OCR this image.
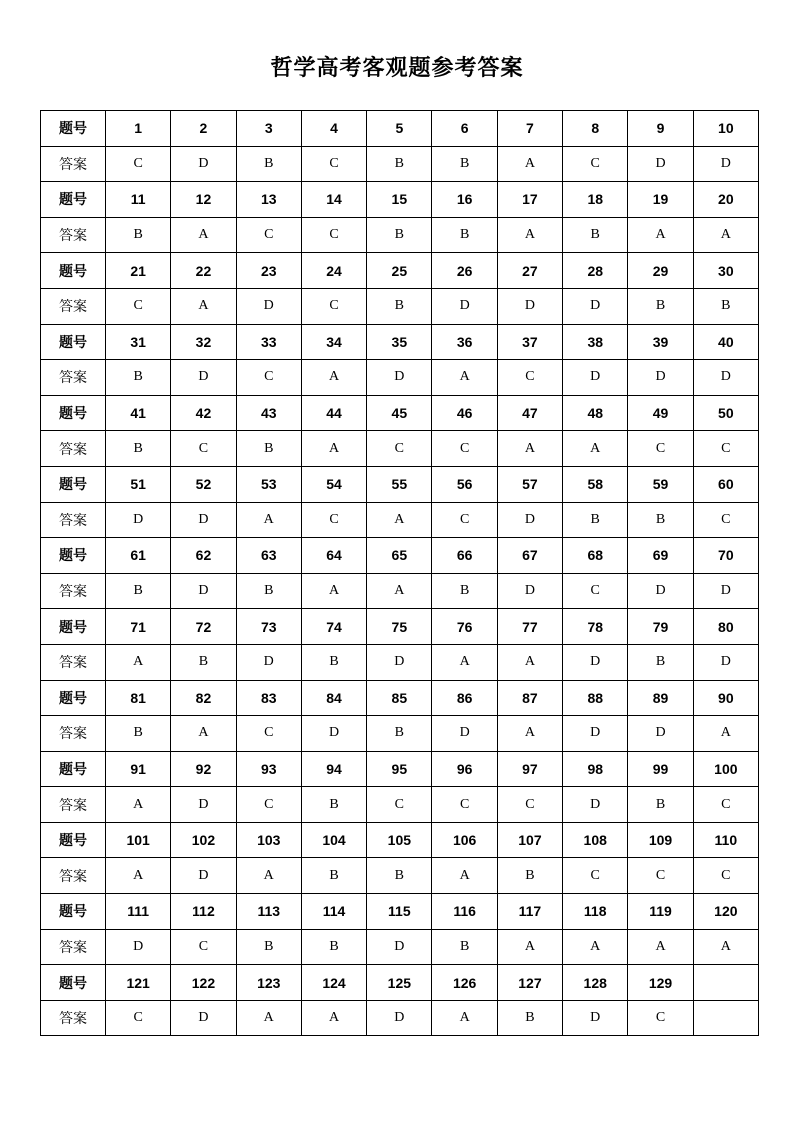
哲学高考客观题参考答案
题号	1	2	3	4	5	6	7	8	9	10
答案	C	D	B	C	B	B	A	C	D	D
题号	11	12	13	14	15	16	17	18	19	20
答案	B	A	C	C	B	B	A	B	A	A
题号	21	22	23	24	25	26	27	28	29	30
答案	C	A	D	C	B	D	D	D	B	B
题号	31	32	33	34	35	36	37	38	39	40
答案	B	D	C	A	D	A	C	D	D	D
题号	41	42	43	44	45	46	47	48	49	50
答案	B	C	B	A	C	C	A	A	C	C
题号	51	52	53	54	55	56	57	58	59	60
答案	D	D	A	C	A	C	D	B	B	C
题号	61	62	63	64	65	66	67	68	69	70
答案	B	D	B	A	A	B	D	C	D	D
题号	71	72	73	74	75	76	77	78	79	80
答案	A	B	D	B	D	A	A	D	B	D
题号	81	82	83	84	85	86	87	88	89	90
答案	B	A	C	D	B	D	A	D	D	A
题号	91	92	93	94	95	96	97	98	99	100
答案	A	D	C	B	C	C	C	D	B	C
题号	101	102	103	104	105	106	107	108	109	110
答案	A	D	A	B	B	A	B	C	C	C
题号	111	112	113	114	115	116	117	118	119	120
答案	D	C	B	B	D	B	A	A	A	A
题号	121	122	123	124	125	126	127	128	129	
答案	C	D	A	A	D	A	B	D	C	
